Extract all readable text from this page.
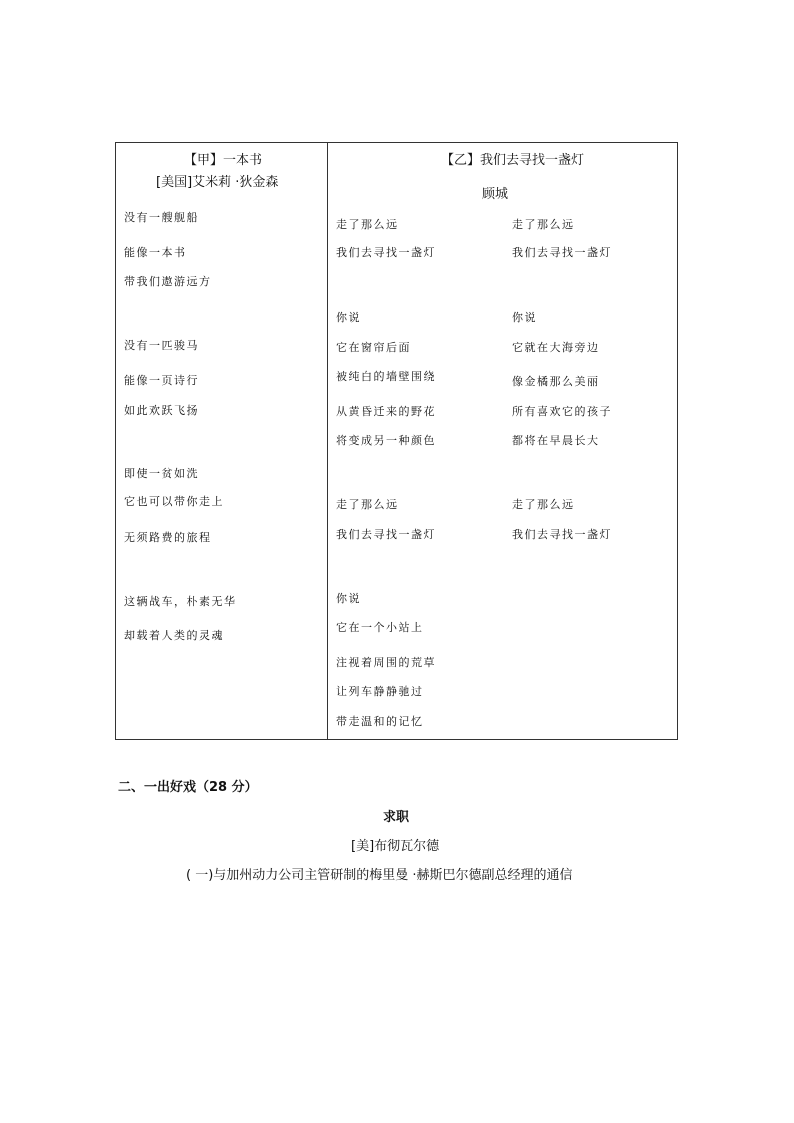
【甲】一本书
[美国]艾米莉 ·狄金森
没有一艘舰船
能像一本书
带我们遨游远方
没有一匹骏马
能像一页诗行
如此欢跃飞扬
即使一贫如洗
它也可以带你走上
无须路费的旅程
这辆战车，朴素无华
却载着人类的灵魂
【乙】我们去寻找一盏灯
顾城
走了那么远
我们去寻找一盏灯
你说
它在窗帘后面
被纯白的墙壁围绕
从黄昏迁来的野花
将变成另一种颜色
走了那么远
我们去寻找一盏灯
你说
它在一个小站上
注视着周围的荒草
让列车静静驰过
带走温和的记忆
走了那么远
我们去寻找一盏灯
你说
它就在大海旁边
像金橘那么美丽
所有喜欢它的孩子
都将在早晨长大
走了那么远
我们去寻找一盏灯
二、一出好戏（28 分）
求职
[美]布彻瓦尔德
( 一)与加州动力公司主管研制的梅里曼 ·赫斯巴尔德副总经理的通信
